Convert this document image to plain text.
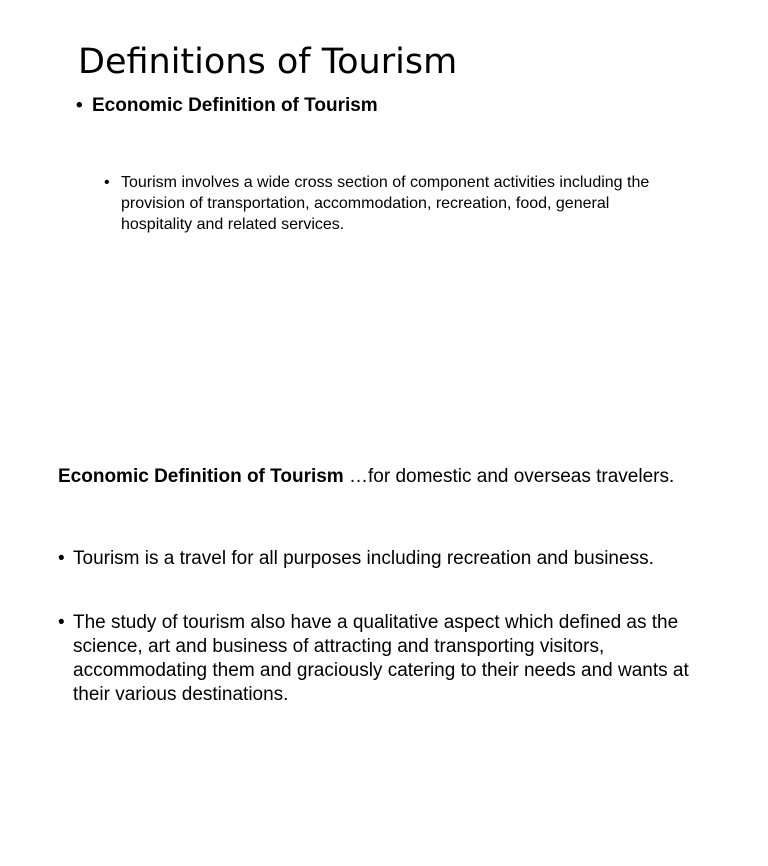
Definitions of Tourism
• Economic Definition of Tourism
• Tourism involves a wide cross section of component activities including the provision of transportation, accommodation, recreation, food, general hospitality and related services.

Economic Definition of Tourism …for domestic and overseas travelers.

• Tourism is a travel for all purposes including recreation and business.
• The study of tourism also have a qualitative aspect which defined as the science, art and business of attracting and transporting visitors, accommodating them and graciously catering to their needs and wants at their various destinations.
